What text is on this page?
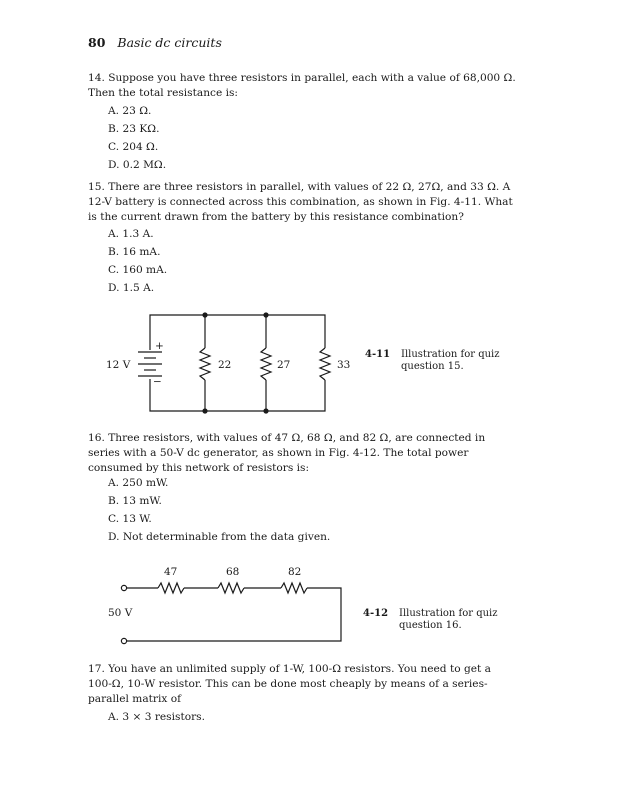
80 Basic dc circuits
14. Suppose you have three resistors in parallel, each with a value of 68,000 Ω. Then the total resistance is:
A. 23 Ω.
B. 23 KΩ.
C. 204 Ω.
D. 0.2 MΩ.
15. There are three resistors in parallel, with values of 22 Ω, 27Ω, and 33 Ω. A 12-V battery is connected across this combination, as shown in Fig. 4-11. What is the current drawn from the battery by this resistance combination?
A. 1.3 A.
B. 16 mA.
C. 160 mA.
D. 1.5 A.
12 V
+
−
22	27	33
4-11 Illustration for quiz question 15.
16. Three resistors, with values of 47 Ω, 68 Ω, and 82 Ω, are connected in series with a 50-V dc generator, as shown in Fig. 4-12. The total power consumed by this network of resistors is:
A. 250 mW.
B. 13 mW.
C. 13 W.
D. Not determinable from the data given.
47	68	82
50 V	4-12 Illustration for quiz question 16.
17. You have an unlimited supply of 1-W, 100-Ω resistors. You need to get a 100-Ω, 10-W resistor. This can be done most cheaply by means of a series-parallel matrix of
A. 3 × 3 resistors.
